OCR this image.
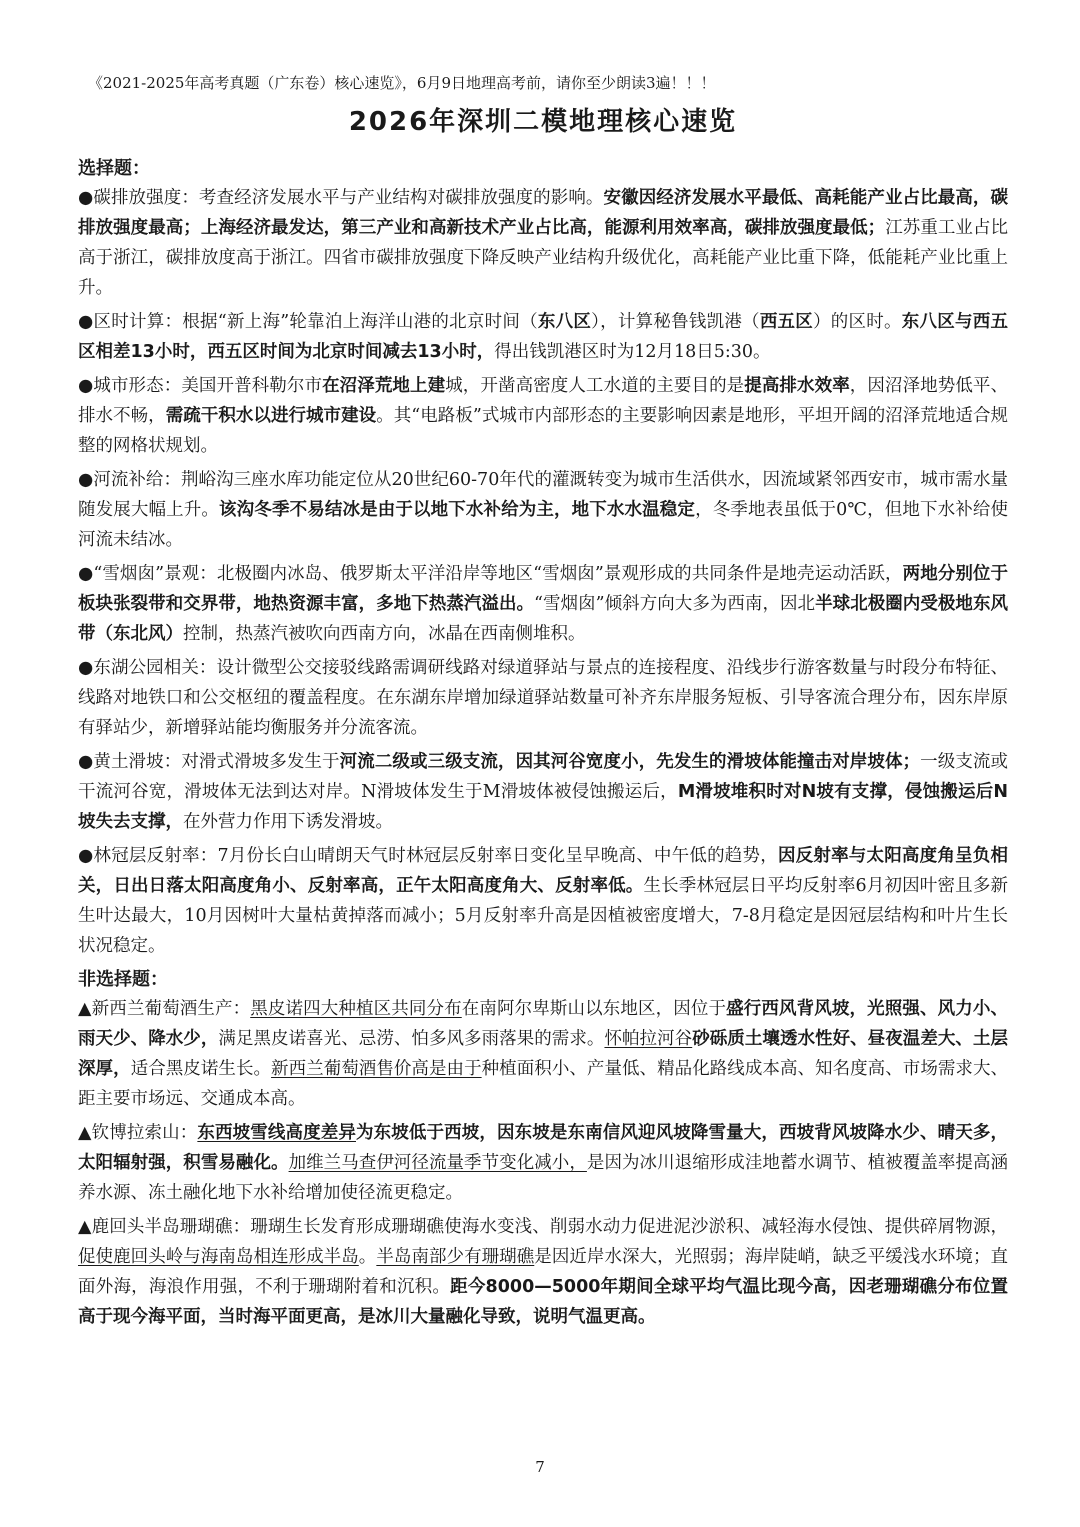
《2021-2025年高考真题（广东卷）核心速览》，6月9日地理高考前，请你至少朗读3遍！！！
2026年深圳二模地理核心速览
选择题：

●碳排放强度：考查经济发展水平与产业结构对碳排放强度的影响。安徽因经济发展水平最低、高耗能产业占比最高，碳排放强度最高；上海经济最发达，第三产业和高新技术产业占比高，能源利用效率高，碳排放强度最低；江苏重工业占比高于浙江，碳排放度高于浙江。四省市碳排放强度下降反映产业结构升级优化，高耗能产业比重下降，低能耗产业比重上升。

●区时计算：根据“新上海”轮靠泊上海洋山港的北京时间（东八区），计算秘鲁钱凯港（西五区）的区时。东八区与西五区相差13小时，西五区时间为北京时间减去13小时，得出钱凯港区时为12月18日5:30。

●城市形态：美国开普科勒尔市在沼泽荒地上建城，开凿高密度人工水道的主要目的是提高排水效率，因沼泽地势低平、排水不畅，需疏干积水以进行城市建设。其“电路板”式城市内部形态的主要影响因素是地形，平坦开阔的沼泽荒地适合规整的网格状规划。

●河流补给：荆峪沟三座水库功能定位从20世纪60-70年代的灌溉转变为城市生活供水，因流域紧邻西安市，城市需水量随发展大幅上升。该沟冬季不易结冰是由于以地下水补给为主，地下水水温稳定，冬季地表虽低于0℃，但地下水补给使河流未结冰。

●“雪烟囱”景观：北极圈内冰岛、俄罗斯太平洋沿岸等地区“雪烟囱”景观形成的共同条件是地壳运动活跃，两地分别位于板块张裂带和交界带，地热资源丰富，多地下热蒸汽溢出。“雪烟囱”倾斜方向大多为西南，因北半球北极圈内受极地东风带（东北风）控制，热蒸汽被吹向西南方向，冰晶在西南侧堆积。

●东湖公园相关：设计微型公交接驳线路需调研线路对绿道驿站与景点的连接程度、沿线步行游客数量与时段分布特征、线路对地铁口和公交枢纽的覆盖程度。在东湖东岸增加绿道驿站数量可补齐东岸服务短板、引导客流合理分布，因东岸原有驿站少，新增驿站能均衡服务并分流客流。

●黄土滑坡：对滑式滑坡多发生于河流二级或三级支流，因其河谷宽度小，先发生的滑坡体能撞击对岸坡体；一级支流或干流河谷宽，滑坡体无法到达对岸。N滑坡体发生于M滑坡体被侵蚀搬运后，M滑坡堆积时对N坡有支撑，侵蚀搬运后N坡失去支撑，在外营力作用下诱发滑坡。

●林冠层反射率：7月份长白山晴朗天气时林冠层反射率日变化呈早晚高、中午低的趋势，因反射率与太阳高度角呈负相关，日出日落太阳高度角小、反射率高，正午太阳高度角大、反射率低。生长季林冠层日平均反射率6月初因叶密且多新生叶达最大，10月因树叶大量枯黄掉落而减小；5月反射率升高是因植被密度增大，7-8月稳定是因冠层结构和叶片生长状况稳定。

非选择题：

▲新西兰葡萄酒生产：黑皮诺四大种植区共同分布在南阿尔卑斯山以东地区，因位于盛行西风背风坡，光照强、风力小、雨天少、降水少，满足黑皮诺喜光、忌涝、怕多风多雨落果的需求。怀帕拉河谷砂砾质土壤透水性好、昼夜温差大、土层深厚，适合黑皮诺生长。新西兰葡萄酒售价高是由于种植面积小、产量低、精品化路线成本高、知名度高、市场需求大、距主要市场远、交通成本高。

▲钦博拉索山：东西坡雪线高度差异为东坡低于西坡，因东坡是东南信风迎风坡降雪量大，西坡背风坡降水少、晴天多，太阳辐射强，积雪易融化。加维兰马查伊河径流量季节变化减小，是因为冰川退缩形成洼地蓄水调节、植被覆盖率提高涵养水源、冻土融化地下水补给增加使径流更稳定。

▲鹿回头半岛珊瑚礁：珊瑚生长发育形成珊瑚礁使海水变浅、削弱水动力促进泥沙淤积、减轻海水侵蚀、提供碎屑物源，促使鹿回头岭与海南岛相连形成半岛。半岛南部少有珊瑚礁是因近岸水深大，光照弱；海岸陡峭，缺乏平缓浅水环境；直面外海，海浪作用强，不利于珊瑚附着和沉积。距今8000—5000年期间全球平均气温比现今高，因老珊瑚礁分布位置高于现今海平面，当时海平面更高，是冰川大量融化导致，说明气温更高。

7
